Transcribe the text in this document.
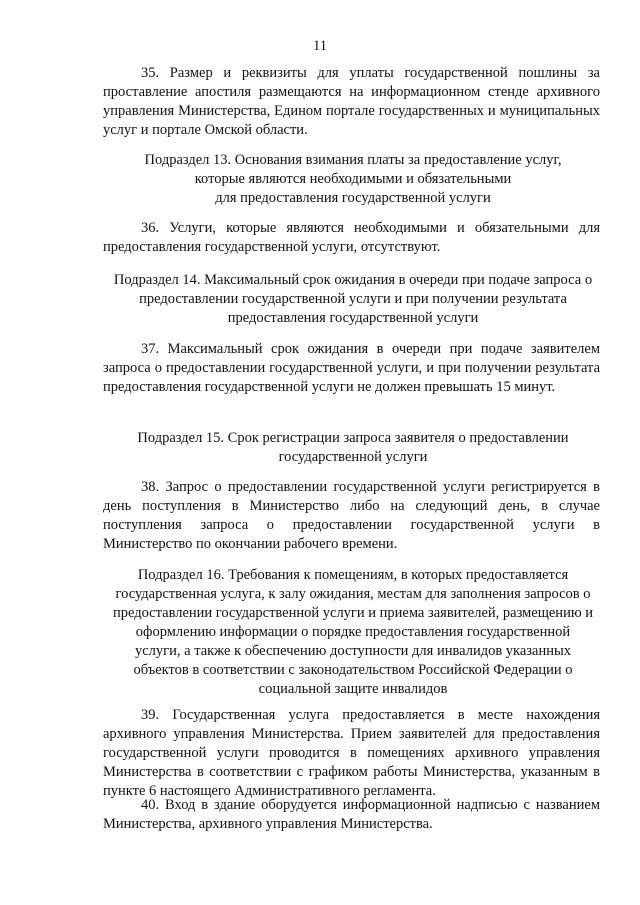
11

35. Размер и реквизиты для уплаты государственной пошлины за проставление апостиля размещаются на информационном стенде архивного управления Министерства, Едином портале государственных и муниципальных услуг и портале Омской области.

Подраздел 13. Основания взимания платы за предоставление услуг,
которые являются необходимыми и обязательными
для предоставления государственной услуги

36. Услуги, которые являются необходимыми и обязательными для предоставления государственной услуги, отсутствуют.

Подраздел 14. Максимальный срок ожидания в очереди при подаче запроса о
предоставлении государственной услуги и при получении результата
предоставления государственной услуги

37. Максимальный срок ожидания в очереди при подаче заявителем запроса о предоставлении государственной услуги, и при получении результата предоставления государственной услуги не должен превышать 15 минут.

Подраздел 15. Срок регистрации запроса заявителя о предоставлении
государственной услуги

38. Запрос о предоставлении государственной услуги регистрируется в день поступления в Министерство либо на следующий день, в случае поступления запроса о предоставлении государственной услуги в Министерство по окончании рабочего времени.

Подраздел 16. Требования к помещениям, в которых предоставляется
государственная услуга, к залу ожидания, местам для заполнения запросов о
предоставлении государственной услуги и приема заявителей, размещению и
оформлению информации о порядке предоставления государственной
услуги, а также к обеспечению доступности для инвалидов указанных
объектов в соответствии с законодательством Российской Федерации о
социальной защите инвалидов

39. Государственная услуга предоставляется в месте нахождения архивного управления Министерства. Прием заявителей для предоставления государственной услуги проводится в помещениях архивного управления Министерства в соответствии с графиком работы Министерства, указанным в пункте 6 настоящего Административного регламента.

40. Вход в здание оборудуется информационной надписью с названием Министерства, архивного управления Министерства.
